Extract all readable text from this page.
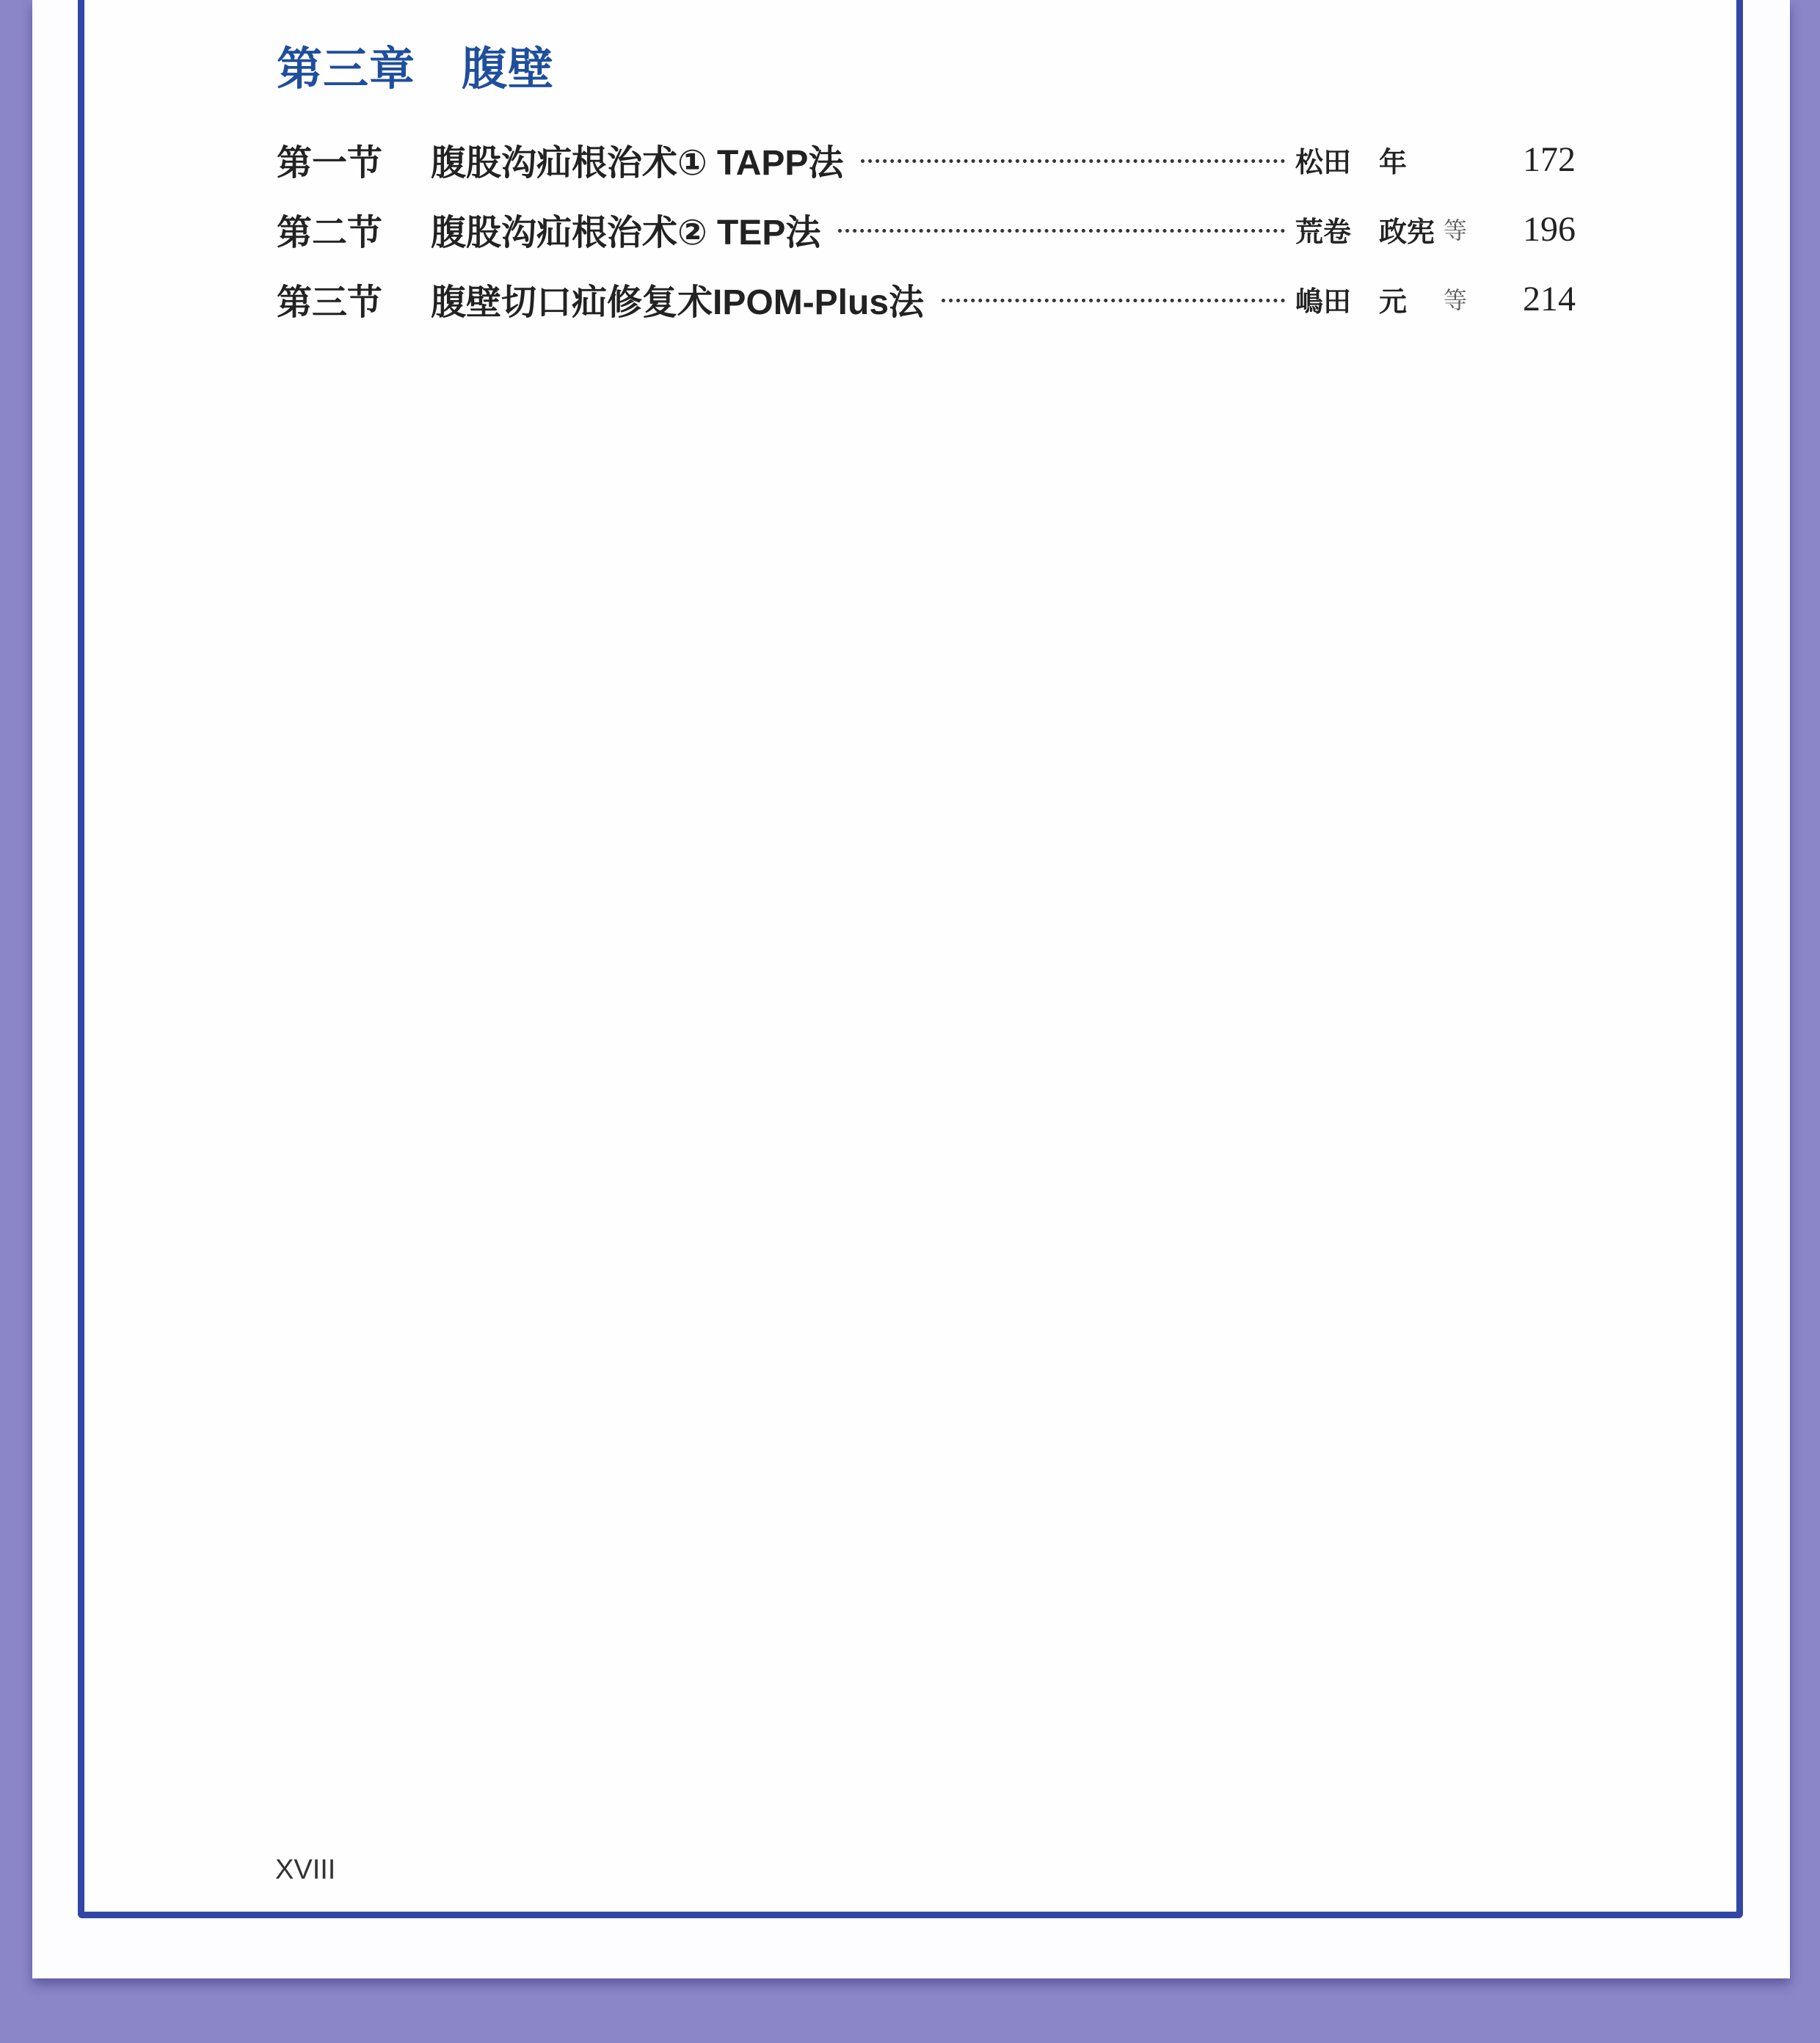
第三章　腹壁
第一节	腹股沟疝根治术① TAPP法	松田 年	172
第二节	腹股沟疝根治术② TEP法	荒卷 政宪 等	196
第三节	腹壁切口疝修复术IPOM-Plus法	嶋田 元	等	214
XVIII
